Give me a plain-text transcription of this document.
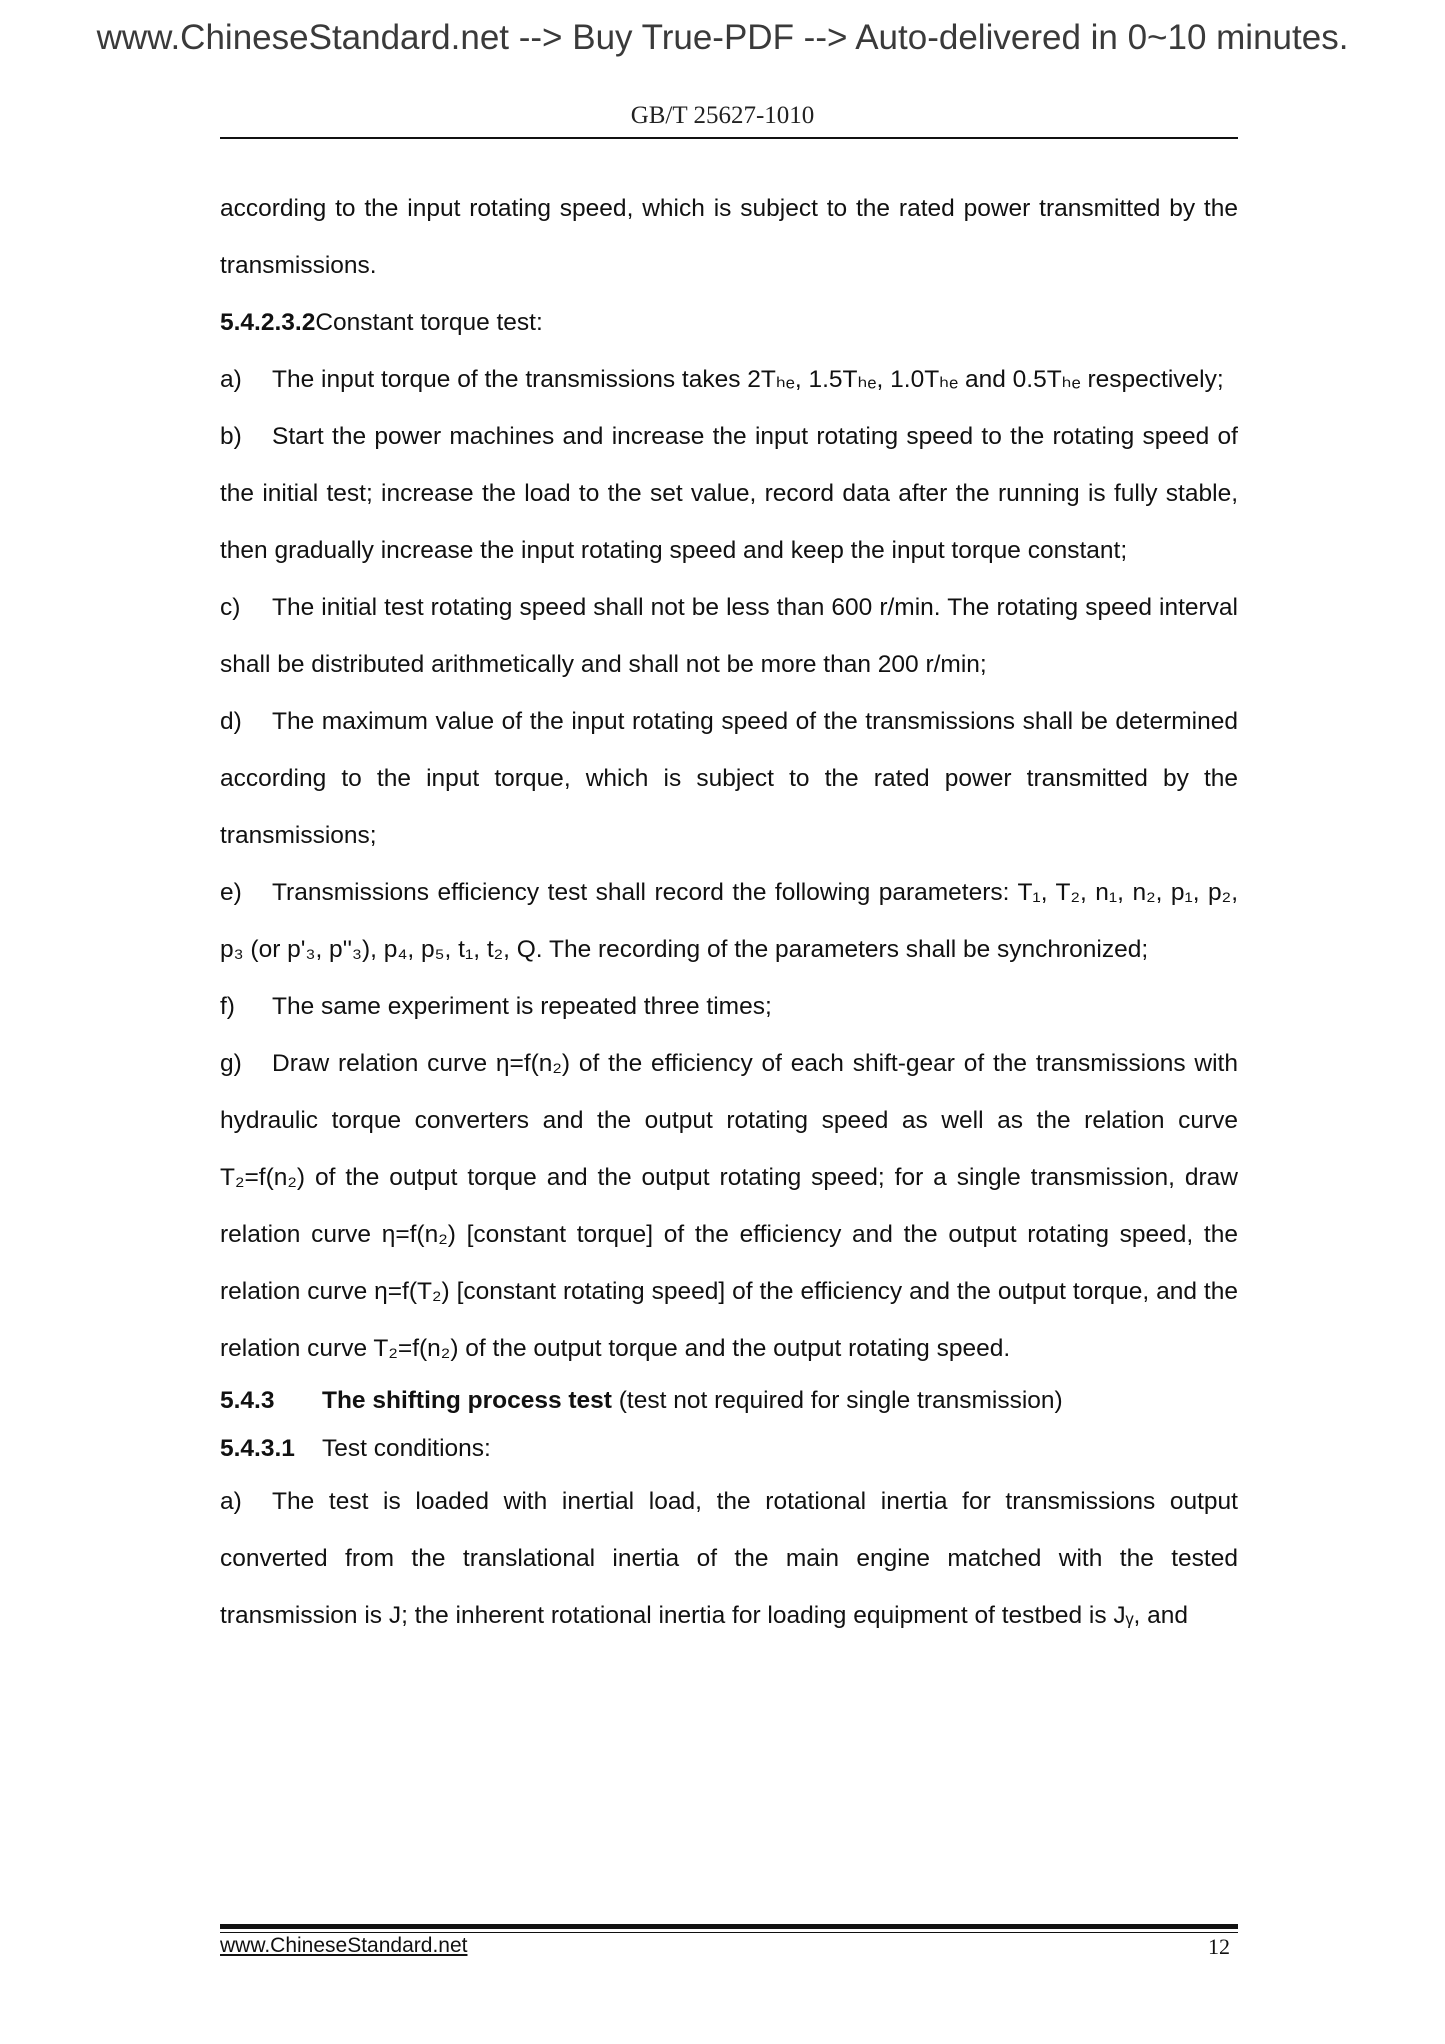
www.ChineseStandard.net --> Buy True-PDF --> Auto-delivered in 0~10 minutes.
GB/T 25627-1010

according to the input rotating speed, which is subject to the rated power transmitted by the transmissions.

5.4.2.3.2Constant torque test:

a) The input torque of the transmissions takes 2Tₕₑ, 1.5Tₕₑ, 1.0Tₕₑ and 0.5Tₕₑ respectively;

b) Start the power machines and increase the input rotating speed to the rotating speed of the initial test; increase the load to the set value, record data after the running is fully stable, then gradually increase the input rotating speed and keep the input torque constant;

c) The initial test rotating speed shall not be less than 600 r/min. The rotating speed interval shall be distributed arithmetically and shall not be more than 200 r/min;

d) The maximum value of the input rotating speed of the transmissions shall be determined according to the input torque, which is subject to the rated power transmitted by the transmissions;

e) Transmissions efficiency test shall record the following parameters: T₁, T₂, n₁, n₂, p₁, p₂, p₃ (or p'₃, p''₃), p₄, p₅, t₁, t₂, Q. The recording of the parameters shall be synchronized;

f) The same experiment is repeated three times;

g) Draw relation curve η=f(n₂) of the efficiency of each shift-gear of the transmissions with hydraulic torque converters and the output rotating speed as well as the relation curve T₂=f(n₂) of the output torque and the output rotating speed; for a single transmission, draw relation curve η=f(n₂) [constant torque] of the efficiency and the output rotating speed, the relation curve η=f(T₂) [constant rotating speed] of the efficiency and the output torque, and the relation curve T₂=f(n₂) of the output torque and the output rotating speed.

5.4.3 The shifting process test (test not required for single transmission)

5.4.3.1 Test conditions:

a) The test is loaded with inertial load, the rotational inertia for transmissions output converted from the translational inertia of the main engine matched with the tested transmission is J; the inherent rotational inertia for loading equipment of testbed is Jᵧ, and

www.ChineseStandard.net	12
